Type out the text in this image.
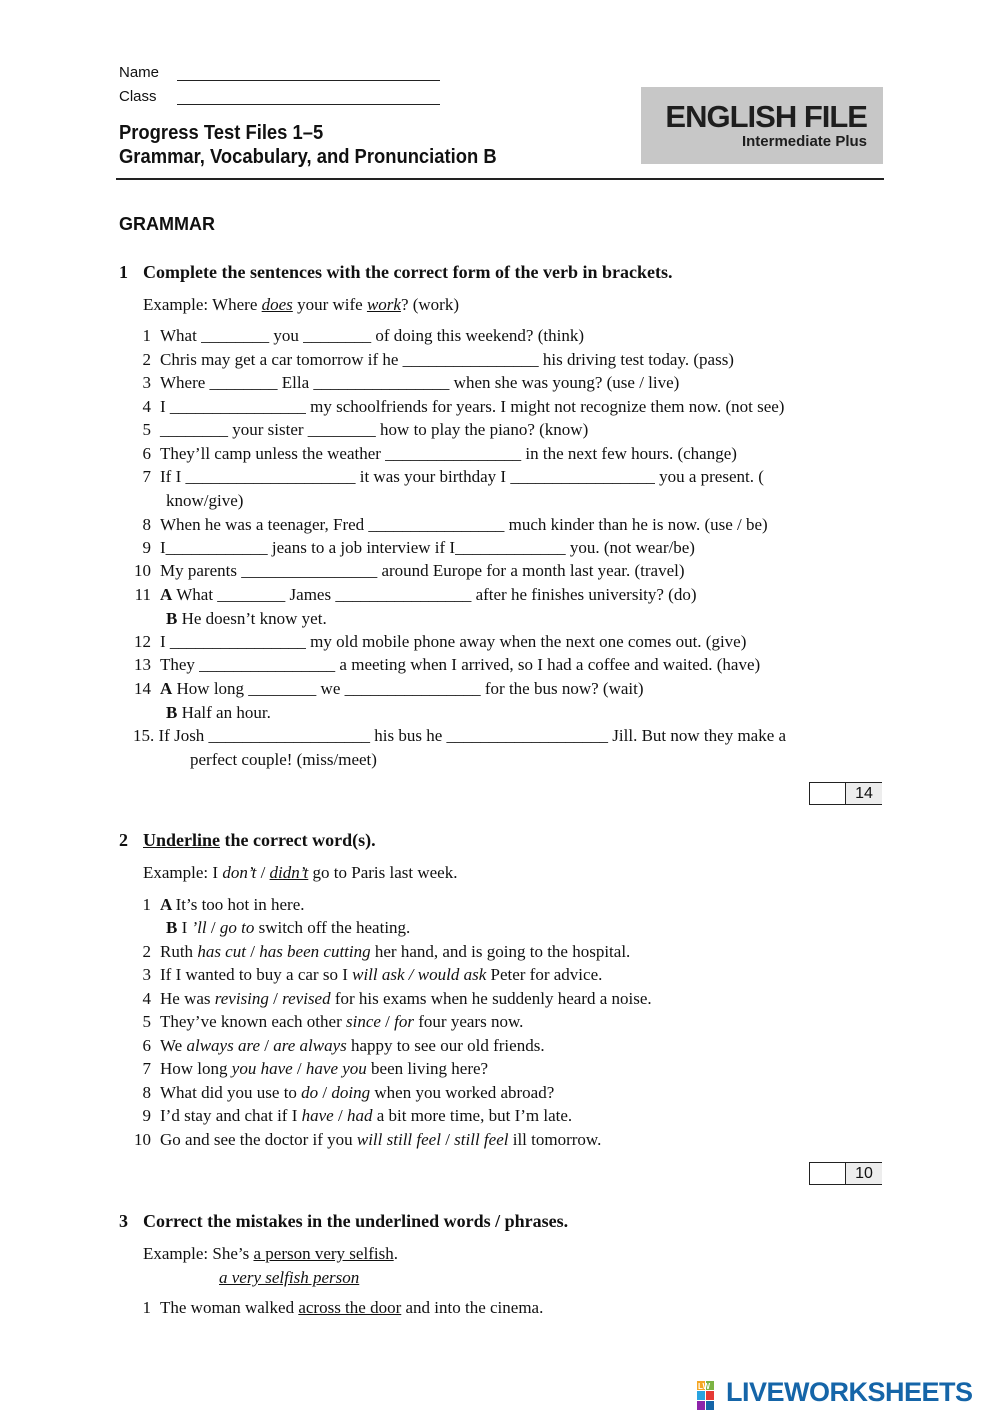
Name
Class
Progress Test Files 1–5
Grammar, Vocabulary, and Pronunciation B
ENGLISH FILE
Intermediate Plus
GRAMMAR
1 Complete the sentences with the correct form of the verb in brackets.
Example: Where does your wife work? (work)
1 What ________ you ________ of doing this weekend? (think)
2 Chris may get a car tomorrow if he ________________ his driving test today. (pass)
3 Where ________ Ella ________________ when she was young? (use / live)
4 I ________________ my schoolfriends for years. I might not recognize them now. (not see)
5 ________ your sister ________ how to play the piano? (know)
6 They’ll camp unless the weather ________________ in the next few hours. (change)
7 If I ____________________ it was your birthday I _________________ you a present. (
know/give)
8 When he was a teenager, Fred ________________ much kinder than he is now. (use / be)
9 I____________ jeans to a job interview if I_____________ you. (not wear/be)
10 My parents ________________ around Europe for a month last year. (travel)
11 A What ________ James ________________ after he finishes university? (do)
B He doesn’t know yet.
12 I ________________ my old mobile phone away when the next one comes out. (give)
13 They ________________ a meeting when I arrived, so I had a coffee and waited. (have)
14 A How long ________ we ________________ for the bus now? (wait)
B Half an hour.
15. If Josh ___________________ his bus he ___________________ Jill. But now they make a
perfect couple! (miss/meet)
14
2 Underline the correct word(s).
Example: I don’t / didn’t go to Paris last week.
1 A It’s too hot in here.
B I ’ll / go to switch off the heating.
2 Ruth has cut / has been cutting her hand, and is going to the hospital.
3 If I wanted to buy a car so I will ask / would ask Peter for advice.
4 He was revising / revised for his exams when he suddenly heard a noise.
5 They’ve known each other since / for four years now.
6 We always are / are always happy to see our old friends.
7 How long you have / have you been living here?
8 What did you use to do / doing when you worked abroad?
9 I’d stay and chat if I have / had a bit more time, but I’m late.
10 Go and see the doctor if you will still feel / still feel ill tomorrow.
10
3 Correct the mistakes in the underlined words / phrases.
Example: She’s a person very selfish.
a very selfish person
1 The woman walked across the door and into the cinema.
LW LIVEWORKSHEETS
